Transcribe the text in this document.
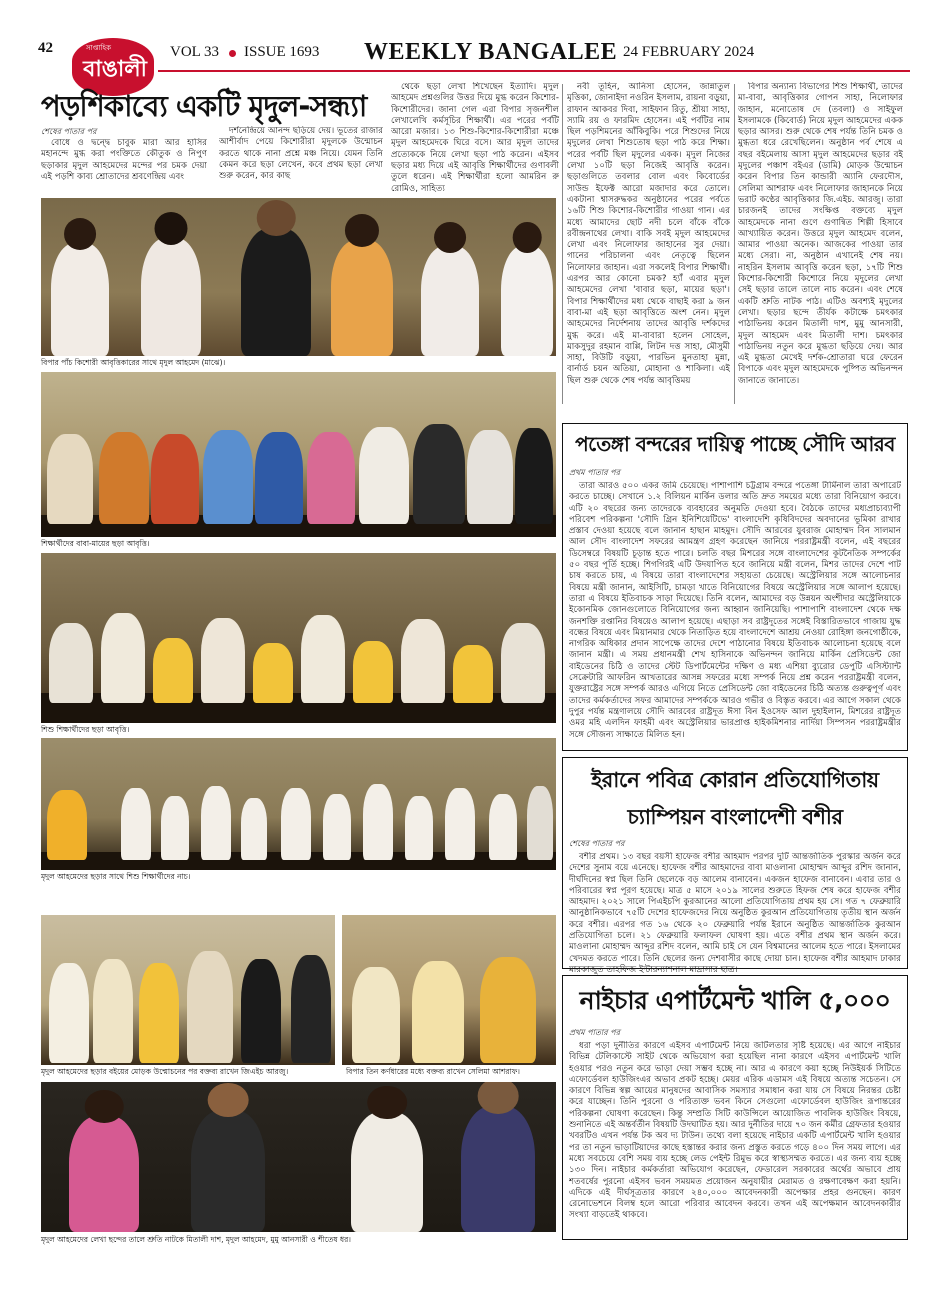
42	সাপ্তাহিক
বাঙালী
VOL 33 ISSUE 1693 WEEKLY BANGALEE 24 FEBRUARY 2024
পড়শিকাব্যে একটি মৃদুল-সন্ধ্যা
শেষের পাতার পর

বোধে ও দ্বন্দ্বে চাবুক মারা আর হাসির মহানন্দে মুগ্ধ করা পংক্তিতে কৌতুক ও নিপুণ ছড়াকার মৃদুল আহমেদের মন্দের পর চমক দেয়া এই পড়শি কাব্য শ্রোতাদের শ্রবণেন্দ্রিয় এবং

দর্শনেন্দ্রিয়ে আনন্দ ছড়িয়ে দেয়। ভূতের রাজার আশীর্বাদ পেয়ে কিশোরীরা মৃদুলকে উন্মোচন করতে থাকে নানা প্রশ্নে মঞ্চ নিয়ে। যেমন তিনি কেমন করে ছড়া লেখেন, কবে প্রথম ছড়া লেখা শুরু করেন, কার কাছ

থেকে ছড়া লেখা শিখেছেন ইত্যাদি। মৃদুল আহমেদ প্রশ্নগুলির উত্তর দিয়ে মুগ্ধ করেন কিশোর-কিশোরীদের। জানা গেল এরা বিপার সৃজনশীল লেখালেখি কর্মসূচির শিক্ষার্থী। এর পরের পর্বটি আরো মজার। ১৩ শিশু-কিশোর-কিশোরীরা মঞ্চে মৃদুল আহমেদকে ঘিরে বসে। আর মৃদুল তাদের প্রত্যেককে নিয়ে লেখা ছড়া পাঠ করেন। এইসব ছড়ার মধ্য দিয়ে এই আবৃত্তি শিক্ষার্থীদের গুণাবলী তুলে ধরেন। এই শিক্ষার্থীরা হলো আমরিন রু রোমিও, সাহিত্য

নবী তূহিন, আনিসা হোসেন, জান্নাতুল মৃত্তিকা, জোনাইদা নওরিন ইসলাম, রায়না বড়ুয়া, রাফান আকবর দিবা, সাইফান রিতু, শ্রীয়া সাহা, স্যামি রয় ও ফারমিদ হোসেন। এই পর্বটির নাম ছিল পড়শিমনের আঁকিবুকি। পরে শিশুদের নিয়ে মৃদুলের লেখা শিশুতোষ ছড়া পাঠ করে শিক্ষা। পরের পর্বটি ছিল মৃদুলের একক। মৃদুল নিজের লেখা ১০টি ছড়া নিজেই আবৃত্তি করেন। ছড়াগুলিতে তবলার বোল এবং কিবোর্ডের সাউন্ড ইফেক্ট আরো মজাদার করে তোলে। একটানা শ্বাসরুদ্ধকর অনুষ্ঠানের পরের পর্বতে ১৬টি শিশু কিশোর-কিশোরীর গাওয়া গান। এর মধ্যে আমাদের ছোট নদী চলে বাঁকে বাঁকে রবীন্দ্রনাথের লেখা। বাকি সবই মৃদুল আহমেদের লেখা এবং নিলোফার জাহানের সুর দেয়া। গানের পরিচালনা এবং নেতৃত্বে ছিলেন নিলোফার জাহান। এরা সকলেই বিপার শিক্ষার্থী। এরপর আর কোনো চমক? হ্যাঁ এবার মৃদুল আহমেদের লেখা 'বাবার ছড়া, মায়ের ছড়া'। বিপার শিক্ষার্থীদের মধ্য থেকে বাছাই করা ৯ জন বাবা-মা এই ছড়া আবৃত্তিতে অংশ নেন। মৃদুল আহমেদের নির্দেশনায় তাদের আবৃত্তি দর্শকদের মুগ্ধ করে। এই মা-বাবারা হলেন সোহেল, মাকসুদুর রহমান বাপ্পি, লিটন দত্ত সাহা, মৌসুমী সাহা, বিউটি বড়ুয়া, পারভিন মুনতাহা মুন্না, বার্নার্ড চয়ন অতিয়া, মোহানা ও শাকিলা। এই ছিল শুরু থেকে শেষ পর্যন্ত আবৃত্তিময়

বিপার অন্যান্য বিভাগের শিশু শিক্ষার্থী, তাদের মা-বাবা, আবৃত্তিকার গোপন সাহা, নিলোফার জাহান, মনোতোষ দে (তবলা) ও সাইফুল ইসলামকে (কিবোর্ড) নিয়ে মৃদুল আহমেদের একক ছড়ার আসর। শুরু থেকে শেষ পর্যন্ত তিনি চমক ও মুগ্ধতা ধরে রেখেছিলেন। অনুষ্ঠান পর্ব শেষে এ বছর বইমেলায় আসা মৃদুল আহমেদের ছড়ার বই মৃদুলের পঞ্চাশ বইএর (ডামি) মোড়ক উন্মোচন করেন বিপার তিন কান্ডারী অ্যানি ফেরদৌস, সেলিমা আশরাফ এবং নিলোফার জাহানকে নিয়ে ভরাট কণ্ঠের আবৃত্তিকার জি.এইচ. আরজু। তারা চারজনই তাদের সংক্ষিপ্ত বক্তব্যে মৃদুল আহমেদকে নানা গুণে গুণান্বিত শিল্পী হিসাবে আখ্যায়িত করেন। উত্তরে মৃদুল আহমেদ বলেন, আমার পাওয়া অনেক। আজকের পাওয়া তার মধ্যে সেরা। না, অনুষ্ঠান এখানেই শেষ নয়। নাহরিন ইসলাম আবৃত্তি করেন ছড়া, ১৭টি শিশু কিশোর-কিশোরী কিশোরে নিয়ে মৃদুলের লেখা সেই ছড়ার তালে তালে নাচ করেন। এবং শেষে একটি শ্রুতি নাটক পাঠ। এটিও অবশ্যই মৃদুলের লেখা। ছড়ার ছন্দে তীর্যক কটাক্ষে চমৎকার পাঠাভিনয় করেন মিতালী দাশ, মুমু আনসারী, মৃদুল আহমেদ এবং মিতালী দাশ। চমৎকার পাঠাভিনয় নতুন করে মুগ্ধতা ছড়িয়ে দেয়। আর এই মুগ্ধতা মেখেই দর্শক-শ্রোতারা ঘরে ফেরেন বিপাকে এবং মৃদুল আহমেদকে পুষ্পিত অভিনন্দন জানাতে জানাতে।

বিপার পাঁচ কিশোরী আবৃত্তিকারের সাথে মৃদুল আহমেদ (মাঝে)।
শিক্ষার্থীদের বাবা-মায়ের ছড়া আবৃত্তি।
শিশু শিক্ষার্থীদের ছড়া আবৃত্তি।
মৃদুল আহমেদের ছড়ার সাথে শিশু শিক্ষার্থীদের নাচ।
মৃদুল আহমেদের ছড়ার বইয়ের মোড়ক উন্মোচনের পর বক্তব্য রাখেন জিএইচ আরজু।	বিপার তিন কর্ণধারের মধ্যে বক্তব্য রাখেন সেলিমা আশরাফ।
মৃদুল আহমেদের লেখা ছন্দের তালে শ্রুতি নাটকে মিতালী দাশ, মৃদুল আহমেদ, মুমু আনসারী ও শীতেষ ধর।
পতেঙ্গা বন্দরের দায়িত্ব পাচ্ছে সৌদি আরব
প্রথম পাতার পর

তারা আরও ৫০০ একর জমি চেয়েছে। পাশাপাশি চট্টগ্রাম বন্দরে পতেঙ্গা টার্মিনাল তারা অপারেট করতে চাচ্ছে। সেখানে ১.২ বিলিয়ন মার্কিন ডলার অতি দ্রুত সময়ের মধ্যে তারা বিনিয়োগ করবে। এটি ২০ বছরের জন্য তাদেরকে ব্যবহারের অনুমতি দেওয়া হবে। বৈঠকে তাদের মধ্যপ্রাচ্যব্যাপী পরিবেশ পরিকল্পনা 'সৌদি গ্রিন ইনিশিয়েটিভে' বাংলাদেশি কৃষিবিদদের অবদানের ভূমিকা রাখার প্রস্তাব দেওয়া হয়েছে বলে জানান হাছান মাহমুদ। সৌদি আরবের যুবরাজ মোহাম্মদ বিন সালমান আল সৌদ বাংলাদেশ সফরের আমন্ত্রণ গ্রহণ করেছেন জানিয়ে পররাষ্ট্রমন্ত্রী বলেন, এই বছরের ডিসেম্বরে বিষয়টি চূড়ান্ত হতে পারে। চলতি বছর মিশরের সঙ্গে বাংলাদেশের কূটনৈতিক সম্পর্কের ৫০ বছর পূর্তি হচ্ছে। শিগগিরই এটি উদযাপিত হবে জানিয়ে মন্ত্রী বলেন, মিশর তাদের দেশে পাট চাষ করতে চায়, এ বিষয়ে তারা বাংলাদেশের সহায়তা চেয়েছে। অস্ট্রেলিয়ার সঙ্গে আলোচনার বিষয়ে মন্ত্রী জানান, আইসিটি, চামড়া খাতে বিনিয়োগের বিষয়ে অস্ট্রেলিয়ার সঙ্গে আলাপ হয়েছে। তারা এ বিষয়ে ইতিবাচক সাড়া দিয়েছে। তিনি বলেন, আমাদের বড় উন্নয়ন অংশীদার অস্ট্রেলিয়াকে ইকোনমিক জোনগুলোতে বিনিয়োগের জন্য আহ্বান জানিয়েছি। পাশাপাশি বাংলাদেশ থেকে দক্ষ জনশক্তি রপ্তানির বিষয়েও আলাপ হয়েছে। এছাড়া সব রাষ্ট্রদূতের সঙ্গেই বিস্তারিতভাবে গাজায় যুদ্ধ বন্ধের বিষয়ে এবং মিয়ানমার থেকে নিতাড়িত হয়ে বাংলাদেশে আশ্রয় নেওয়া রোহিঙ্গা জনগোষ্ঠীকে, নাগরিক অধিকার প্রদান সাপেক্ষে তাদের দেশে পাঠানোর বিষয়ে ইতিবাচক আলোচনা হয়েছে বলে জানান মন্ত্রী। এ সময় প্রধানমন্ত্রী শেখ হাসিনাকে অভিনন্দন জানিয়ে মার্কিন প্রেসিডেন্ট জো বাইডেনের চিঠি ও তাদের স্টেট ডিপার্টমেন্টের দক্ষিণ ও মধ্য এশিয়া ব্যুরোর ডেপুটি এসিস্ট্যান্ট সেক্রেটারি আফরিন আখতারের আসন্ন সফরের মধ্যে সম্পর্ক নিয়ে প্রশ্ন করেন পররাষ্ট্রমন্ত্রী বলেন, যুক্তরাষ্ট্রের সঙ্গে সম্পর্ক আরও এগিয়ে নিতে প্রেসিডেন্ট জো বাইডেনের চিঠি অত্যন্ত গুরুত্বপূর্ণ এবং তাদের কর্মকর্তাদের সফর আমাদের সম্পর্ককে আরও গভীর ও বিস্তৃত করবে। এর আগে সকাল থেকে দুপুর পর্যন্ত মন্ত্রণালয়ে সৌদি আরবের রাষ্ট্রদূত ঈসা বিন ইওসেফ আল দুহাইলান, মিশরের রাষ্ট্রদূত ওমর মহি এলদিন ফাহমী এবং অস্ট্রেলিয়ার ভারপ্রাপ্ত হাইকমিশনার নার্দিয়া সিম্পসন পররাষ্ট্রমন্ত্রীর সঙ্গে সৌজন্য সাক্ষাতে মিলিত হন।

ইরানে পবিত্র কোরান প্রতিযোগিতায়
চ্যাম্পিয়ন বাংলাদেশী বশীর
শেষের পাতার পর

বশীর প্রথম। ১৩ বছর বয়সী হাফেজ বশীর আহমাদ পরপর দুটি আন্তর্জাতিক পুরস্কার অর্জন করে দেশের সুনাম বয়ে এনেছে। হাফেজ বশীর আহমাদের বাবা মাওলানা মোহাম্মদ আব্দুর রশিদ জানান, দীর্ঘদিনের স্বপ্ন ছিল তিনি ছেলেকে বড় আলেম বানাবেন। একজন হাফেজ বানাবেন। এবার তার ও পরিবারের স্বপ্ন পূরণ হয়েছে। মাত্র ৫ মাসে ২০১৯ সালের শুরুতে হিফজ শেষ করে হাফেজ বশীর আহমাদ। ২০২১ সালে পিএইচপি কুরআনের আলো প্রতিযোগিতায় প্রথম হয় সে। গত ৭ ফেব্রুয়ারি আনুষ্ঠানিকভাবে ৭৫টি দেশের হাফেজদের নিয়ে অনুষ্ঠিত কুরআন প্রতিযোগিতায় তৃতীয় স্থান অর্জন করে বশীর। এরপর গত ১৬ থেকে ২০ ফেব্রুয়ারি পর্যন্ত ইরানে অনুষ্ঠিত আন্তর্জাতিক কুরআন প্রতিযোগিতা চলে। ২১ ফেব্রুয়ারি ফলাফল ঘোষণা হয়। এতে বশীর প্রথম স্থান অর্জন করে। মাওলানা মোহাম্মদ আব্দুর রশিদ বলেন, আমি চাই সে যেন বিশ্বমানের আলেম হতে পারে। ইসলামের খেদমত করতে পারে। তিনি ছেলের জন্য দেশবাসীর কাছে দোয়া চান। হাফেজ বশীর আহমাদ ঢাকার মারকাজুত তাহফিজ ইন্টারন্যাশনাল মাদ্রাসার ছাত্র।

নাইচার এপার্টমেন্ট খালি ৫,০০০
প্রথম পাতার পর

ধরা পড়া দুর্নীতির কারণে এইসব এপার্টমেন্ট নিয়ে জটিলতার সৃষ্টি হয়েছে। এর আগে নাইচার বিভিন্ন টেলিকাস্টে সাইট থেকে অভিযোগ করা হয়েছিল নানা কারণে এইসব এপার্টমেন্ট খালি হওয়ার পরও নতুন করে ভাড়া দেয়া সম্ভব হচ্ছে না। আর এ কারণে কয়া হচ্ছে নিউইয়র্ক সিটিতে এফোর্ডেবল হাউজিংএর অভাব প্রকট হচ্ছে। মেয়র এরিক এডামস এই বিষয়ে অত্যন্ত সচেতন। সে কারণে বিভিন্ন স্বল্প আয়ের মানুষদের আবাসিক সমস্যার সমাধান করা যায় সে বিষয়ে নিরন্তর চেষ্টা করে যাচ্ছেন। তিনি পুরনো ও পরিত্যক্ত ভবন কিনে সেগুলো এফোর্ডেবল হাউজিং রূপান্তরের পরিকল্পনা ঘোষণা করেছেন। কিন্তু সম্প্রতি সিটি কাউন্সিলে আয়োজিত পাবলিক হাউজিং বিষয়ে, শুনানিতে এই অন্তর্বর্তীন বিষয়টি উদঘাটিত হয়। আর দুর্নীতির দায়ে ৭০ জন কর্মীর গ্রেফতার হওয়ার খবরটিও এখন পর্যন্ত টক অব দ্য টাউন। তথ্যে বলা হয়েছে নাইচার একটি এপার্টমেন্ট খালি হওয়ার পর তা নতুন ভাড়াটিয়াদের কাছে হস্তান্তর করার জন্য প্রস্তুত করতে গড়ে ৪০০ দিন সময় লাগে। এর মধ্যে সবচেয়ে বেশি সময় ব্যয় হচ্ছে লেড পেইন্ট রিমুভ করে স্বাস্থ্যসম্মত করতে। এর জন্য ব্যয় হচ্ছে ১৩০ দিন। নাইচার কর্মকর্তারা অভিযোগ করেছেন, ফেডারেল সরকারের অর্থের অভাবে প্রায় শতবর্ষের পুরনো এইসব ভবন সময়মত প্রয়োজন অনুযায়ীর মেরামত ও রক্ষণাবেক্ষণ করা হয়নি। এদিকে এই দীর্ঘসূত্রতার কারণে ২৪০,০০০ আবেদনকারী অপেক্ষার প্রহর গুনছেন। কারণ রেনোভেশনে বিলম্ব হলে আরো পরিবার আবেদন করবে। তখন এই অপেক্ষমান আবেদনকারীর সংখ্যা বাড়তেই থাকবে।
